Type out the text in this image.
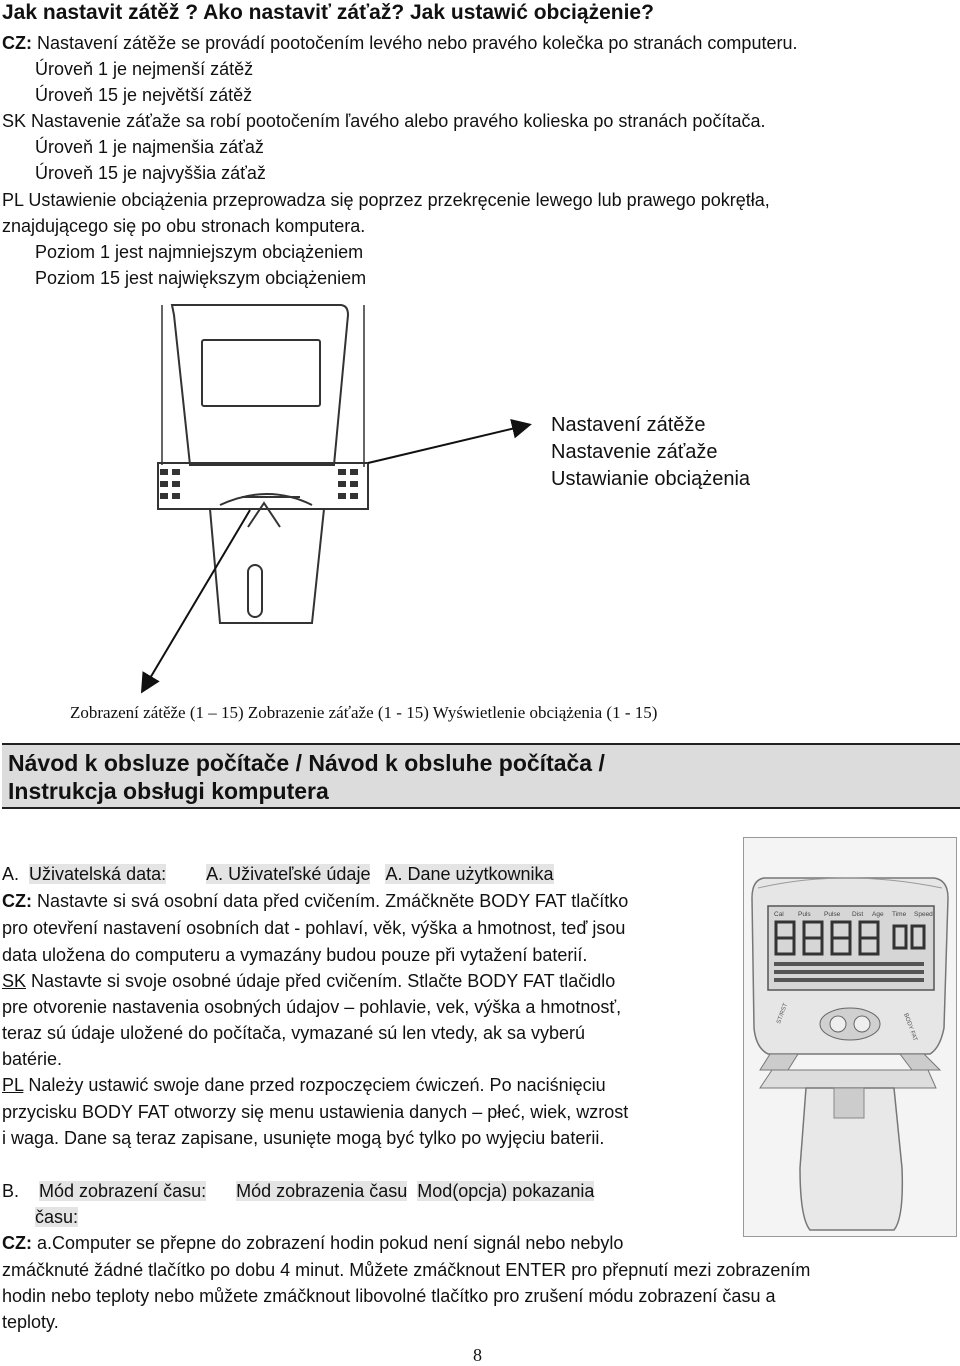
Jak nastavit zátěž ? Ako nastaviť záťaž? Jak ustawić obciążenie?
CZ: Nastavení zátěže se provádí pootočením levého nebo pravého kolečka po stranách computeru.
Úroveň 1 je nejmenší zátěž
Úroveň 15 je největší zátěž
SK Nastavenie záťaže sa robí pootočením ľavého alebo pravého kolieska po stranách počítača.
Úroveň 1 je najmenšia záťaž
Úroveň 15 je najvyššia záťaž
PL Ustawienie obciążenia przeprowadza się poprzez przekręcenie lewego lub prawego pokrętła,
znajdującego się po obu stronach komputera.
Poziom 1 jest najmniejszym obciążeniem
Poziom 15 jest największym obciążeniem
Nastavení zátěže
Nastavenie záťaže
Ustawianie obciążenia
Zobrazení zátěže (1 – 15) Zobrazenie záťaže (1 - 15) Wyświetlenie obciążenia (1 - 15)
Návod k obsluze počítače / Návod k obsluhe počítača /
Instrukcja obsługi komputera
A. Uživatelská data: A. Uživateľské údaje A. Dane użytkownika
CZ: Nastavte si svá osobní data před cvičením. Zmáčkněte BODY FAT tlačítko
pro otevření nastavení osobních dat - pohlaví, věk, výška a hmotnost, teď jsou
data uložena do computeru a vymazány budou pouze při vytažení baterií.
SK Nastavte si svoje osobné údaje před cvičením. Stlačte BODY FAT tlačidlo
pre otvorenie nastavenia osobných údajov – pohlavie, vek, výška a hmotnosť,
teraz sú údaje uložené do počítača, vymazané sú len vtedy, ak sa vyberú
batérie.
PL Należy ustawić swoje dane przed rozpoczęciem ćwiczeń. Po naciśnięciu
przycisku BODY FAT otworzy się menu ustawienia danych – płeć, wiek, wzrost
i waga. Dane są teraz zapisane, usunięte mogą być tylko po wyjęciu baterii.
Cal Puls Pulse Dist Age Time Speed
ST/RST	BODY FAT
B. Mód zobrazení času: Mód zobrazenia času Mod(opcja) pokazania
času:
CZ: a.Computer se přepne do zobrazení hodin pokud není signál nebo nebylo
zmáčknuté žádné tlačítko po dobu 4 minut. Můžete zmáčknout ENTER pro přepnutí mezi zobrazením
hodin nebo teploty nebo můžete zmáčknout libovolné tlačítko pro zrušení módu zobrazení času a
teploty.
8
